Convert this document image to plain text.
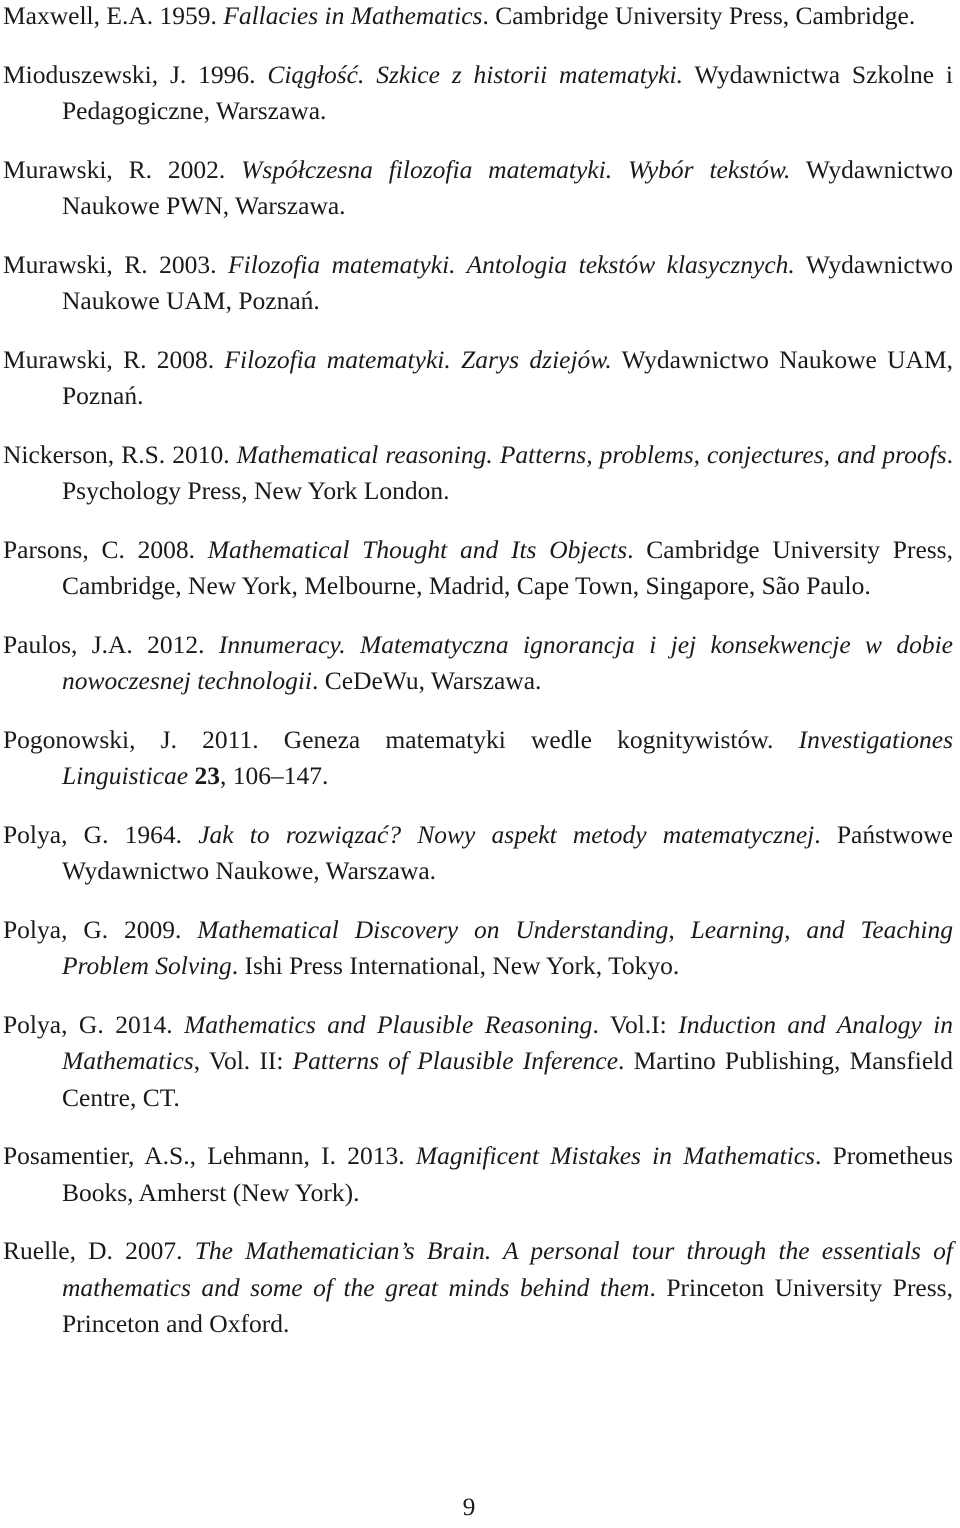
Maxwell, E.A. 1959. Fallacies in Mathematics. Cambridge University Press, Cambridge.
Mioduszewski, J. 1996. Ciągłość. Szkice z historii matematyki. Wydawnictwa Szkolne i Pedagogiczne, Warszawa.
Murawski, R. 2002. Współczesna filozofia matematyki. Wybór tekstów. Wydawnictwo Naukowe PWN, Warszawa.
Murawski, R. 2003. Filozofia matematyki. Antologia tekstów klasycznych. Wydawnictwo Naukowe UAM, Poznań.
Murawski, R. 2008. Filozofia matematyki. Zarys dziejów. Wydawnictwo Naukowe UAM, Poznań.
Nickerson, R.S. 2010. Mathematical reasoning. Patterns, problems, conjectures, and proofs. Psychology Press, New York London.
Parsons, C. 2008. Mathematical Thought and Its Objects. Cambridge University Press, Cambridge, New York, Melbourne, Madrid, Cape Town, Singapore, São Paulo.
Paulos, J.A. 2012. Innumeracy. Matematyczna ignorancja i jej konsekwencje w dobie nowoczesnej technologii. CeDeWu, Warszawa.
Pogonowski, J. 2011. Geneza matematyki wedle kognitywistów. Investigationes Linguisticae 23, 106–147.
Polya, G. 1964. Jak to rozwiązać? Nowy aspekt metody matematycznej. Państwowe Wydawnictwo Naukowe, Warszawa.
Polya, G. 2009. Mathematical Discovery on Understanding, Learning, and Teaching Problem Solving. Ishi Press International, New York, Tokyo.
Polya, G. 2014. Mathematics and Plausible Reasoning. Vol.I: Induction and Analogy in Mathematics, Vol. II: Patterns of Plausible Inference. Martino Publishing, Mansfield Centre, CT.
Posamentier, A.S., Lehmann, I. 2013. Magnificent Mistakes in Mathematics. Prometheus Books, Amherst (New York).
Ruelle, D. 2007. The Mathematician’s Brain. A personal tour through the essentials of mathematics and some of the great minds behind them. Princeton University Press, Princeton and Oxford.
9
